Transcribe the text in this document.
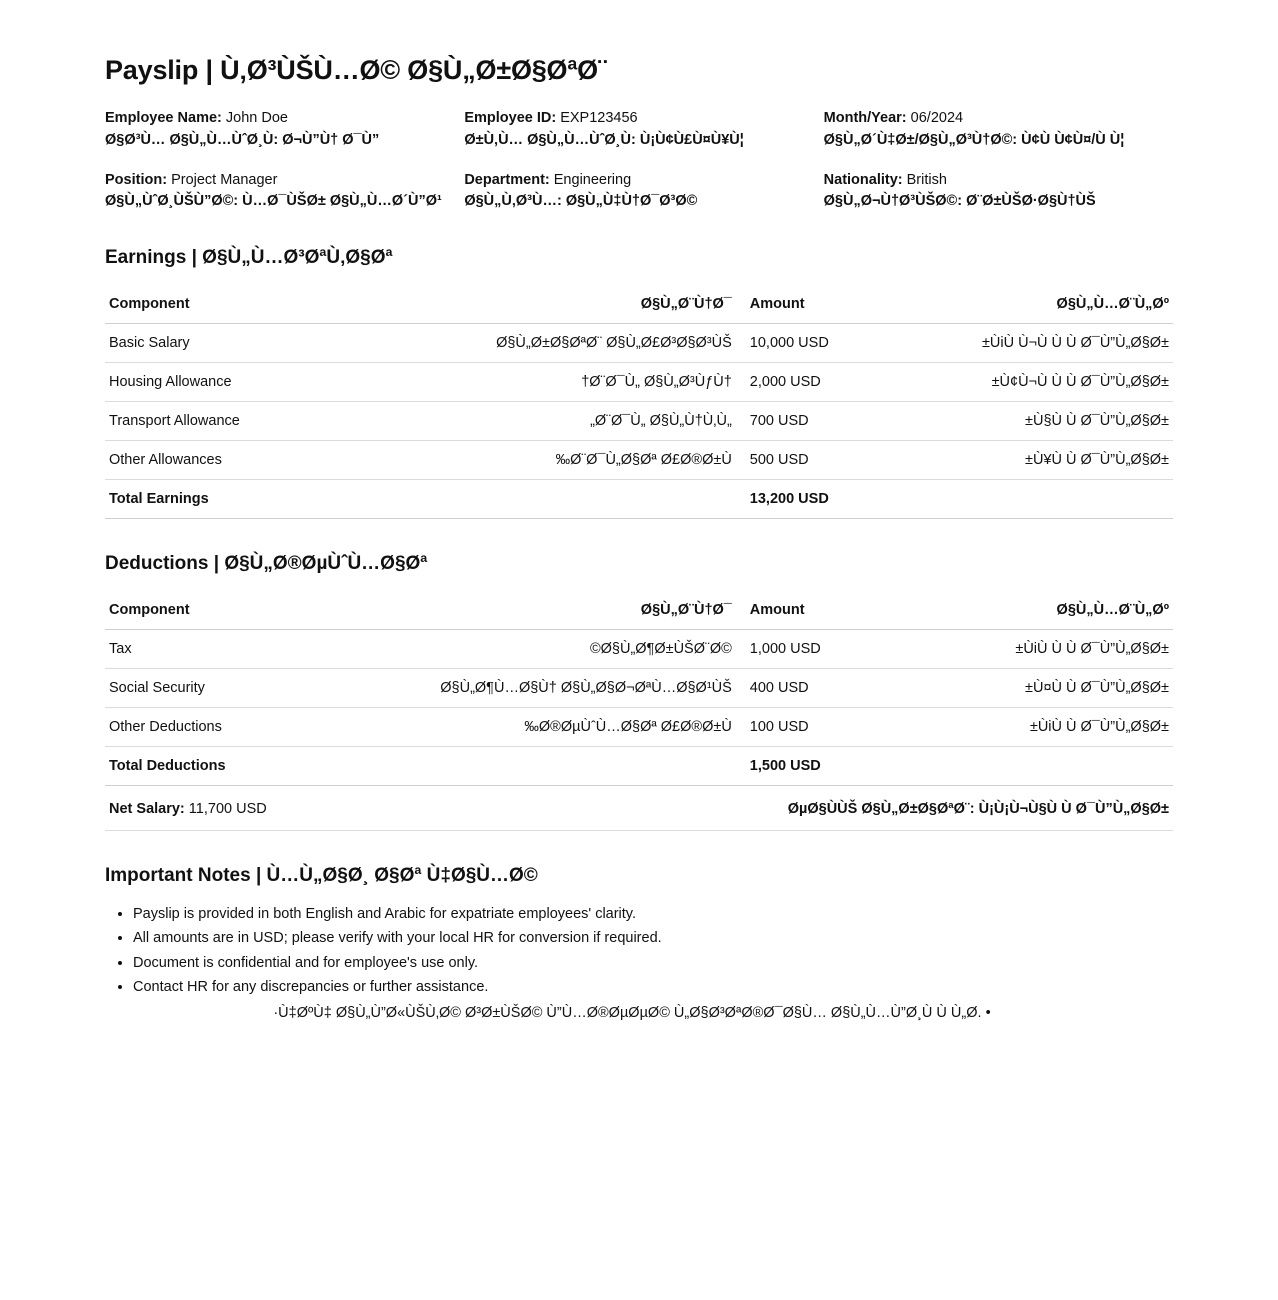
Payslip | Ù‚Ø³ÙŠÙ…Ø© Ø§Ù„Ø±Ø§ØªØ¨
Employee Name: John Doe
Ø§Ø³Ù… Ø§Ù„Ù…ÙˆØ¸Ù: Ø¬Ù”Ù† Ø¯Ù”
Employee ID: EXP123456
Ø±Ù‚Ù… Ø§Ù„Ù…ÙˆØ¸Ù: Ù¡Ù¢Ù£Ù¤Ù¥Ù¦
Month/Year: 06/2024
Ø§Ù„Ø´Ù‡Ø±/Ø§Ù„Ø³Ù†Ø©: Ù¢Ù Ù¢Ù¤/Ù Ù¦
Position: Project Manager
Ø§Ù„ÙˆØ¸ÙŠÙ”Ø©: Ù…Ø¯ÙŠØ± Ø§Ù„Ù…Ø´Ù”Ø¹
Department: Engineering
Ø§Ù„Ù‚Ø³Ù…: Ø§Ù„Ù‡Ù†Ø¯Ø³Ø©
Nationality: British
Ø§Ù„Ø¬Ù†Ø³ÙŠØ©: Ø¨Ø±ÙŠØ·Ø§Ù†ÙŠ
Earnings | Ø§Ù„Ù…Ø³ØªÙ‚Ø§Øª
Component	Ø§Ù„Ø¨Ù†Ø¯	Amount	Ø§Ù„Ù…Ø¨Ù„Øº
Basic Salary	Ø§Ù„Ø±Ø§ØªØ¨ Ø§Ù„Ø£Ø³Ø§Ø³ÙŠ	10,000 USD	±ÙiÙ Ù¬Ù Ù Ù Ø¯Ù”Ù„Ø§Ø±
Housing Allowance	†Ø¨Ø¯Ù„ Ø§Ù„Ø³ÙƒÙ†	2,000 USD	±Ù¢Ù¬Ù Ù Ù Ø¯Ù”Ù„Ø§Ø±
Transport Allowance	„Ø¨Ø¯Ù„ Ø§Ù„Ù†Ù‚Ù„	700 USD	±Ù§Ù Ù Ø¯Ù”Ù„Ø§Ø±
Other Allowances	‰Ø¨Ø¯Ù„Ø§Øª Ø£Ø®Ø±Ù	500 USD	±Ù¥Ù Ù Ø¯Ù”Ù„Ø§Ø±
Total Earnings		13,200 USD	
Deductions | Ø§Ù„Ø®ØµÙˆÙ…Ø§Øª
Component	Ø§Ù„Ø¨Ù†Ø¯	Amount	Ø§Ù„Ù…Ø¨Ù„Øº
Tax	©Ø§Ù„Ø¶Ø±ÙŠØ¨Ø©	1,000 USD	±ÙiÙ Ù Ù Ø¯Ù”Ù„Ø§Ø±
Social Security	Ø§Ù„Ø¶Ù…Ø§Ù† Ø§Ù„Ø§Ø¬ØªÙ…Ø§Ø¹ÙŠ	400 USD	±Ù¤Ù Ù Ø¯Ù”Ù„Ø§Ø±
Other Deductions	‰Ø®ØµÙˆÙ…Ø§Øª Ø£Ø®Ø±Ù	100 USD	±ÙiÙ Ù Ø¯Ù”Ù„Ø§Ø±
Total Deductions		1,500 USD	
Net Salary: 11,700 USD	ØµØ§ÙÙŠ Ø§Ù„Ø±Ø§ØªØ¨: Ù¡Ù¡Ù¬Ù§Ù Ù Ø¯Ù”Ù„Ø§Ø±
Important Notes | Ù…Ù„Ø§Ø¸ Ø§Øª Ù‡Ø§Ù…Ø©
• Payslip is provided in both English and Arabic for expatriate employees' clarity.
• All amounts are in USD; please verify with your local HR for conversion if required.
• Document is confidential and for employee's use only.
• Contact HR for any discrepancies or further assistance.
• .Ù‡ØºÙ‡ Ø§Ù„Ù”Ø«ÙŠÙ‚Ø© Ø³Ø±ÙŠØ© Ù”Ù…Ø®ØµØµØ© Ù„Ø§Ø³ØªØ®Ø¯Ø§Ù… Ø§Ù„Ù…Ù”Ø¸Ù Ù Ù„Ø·
